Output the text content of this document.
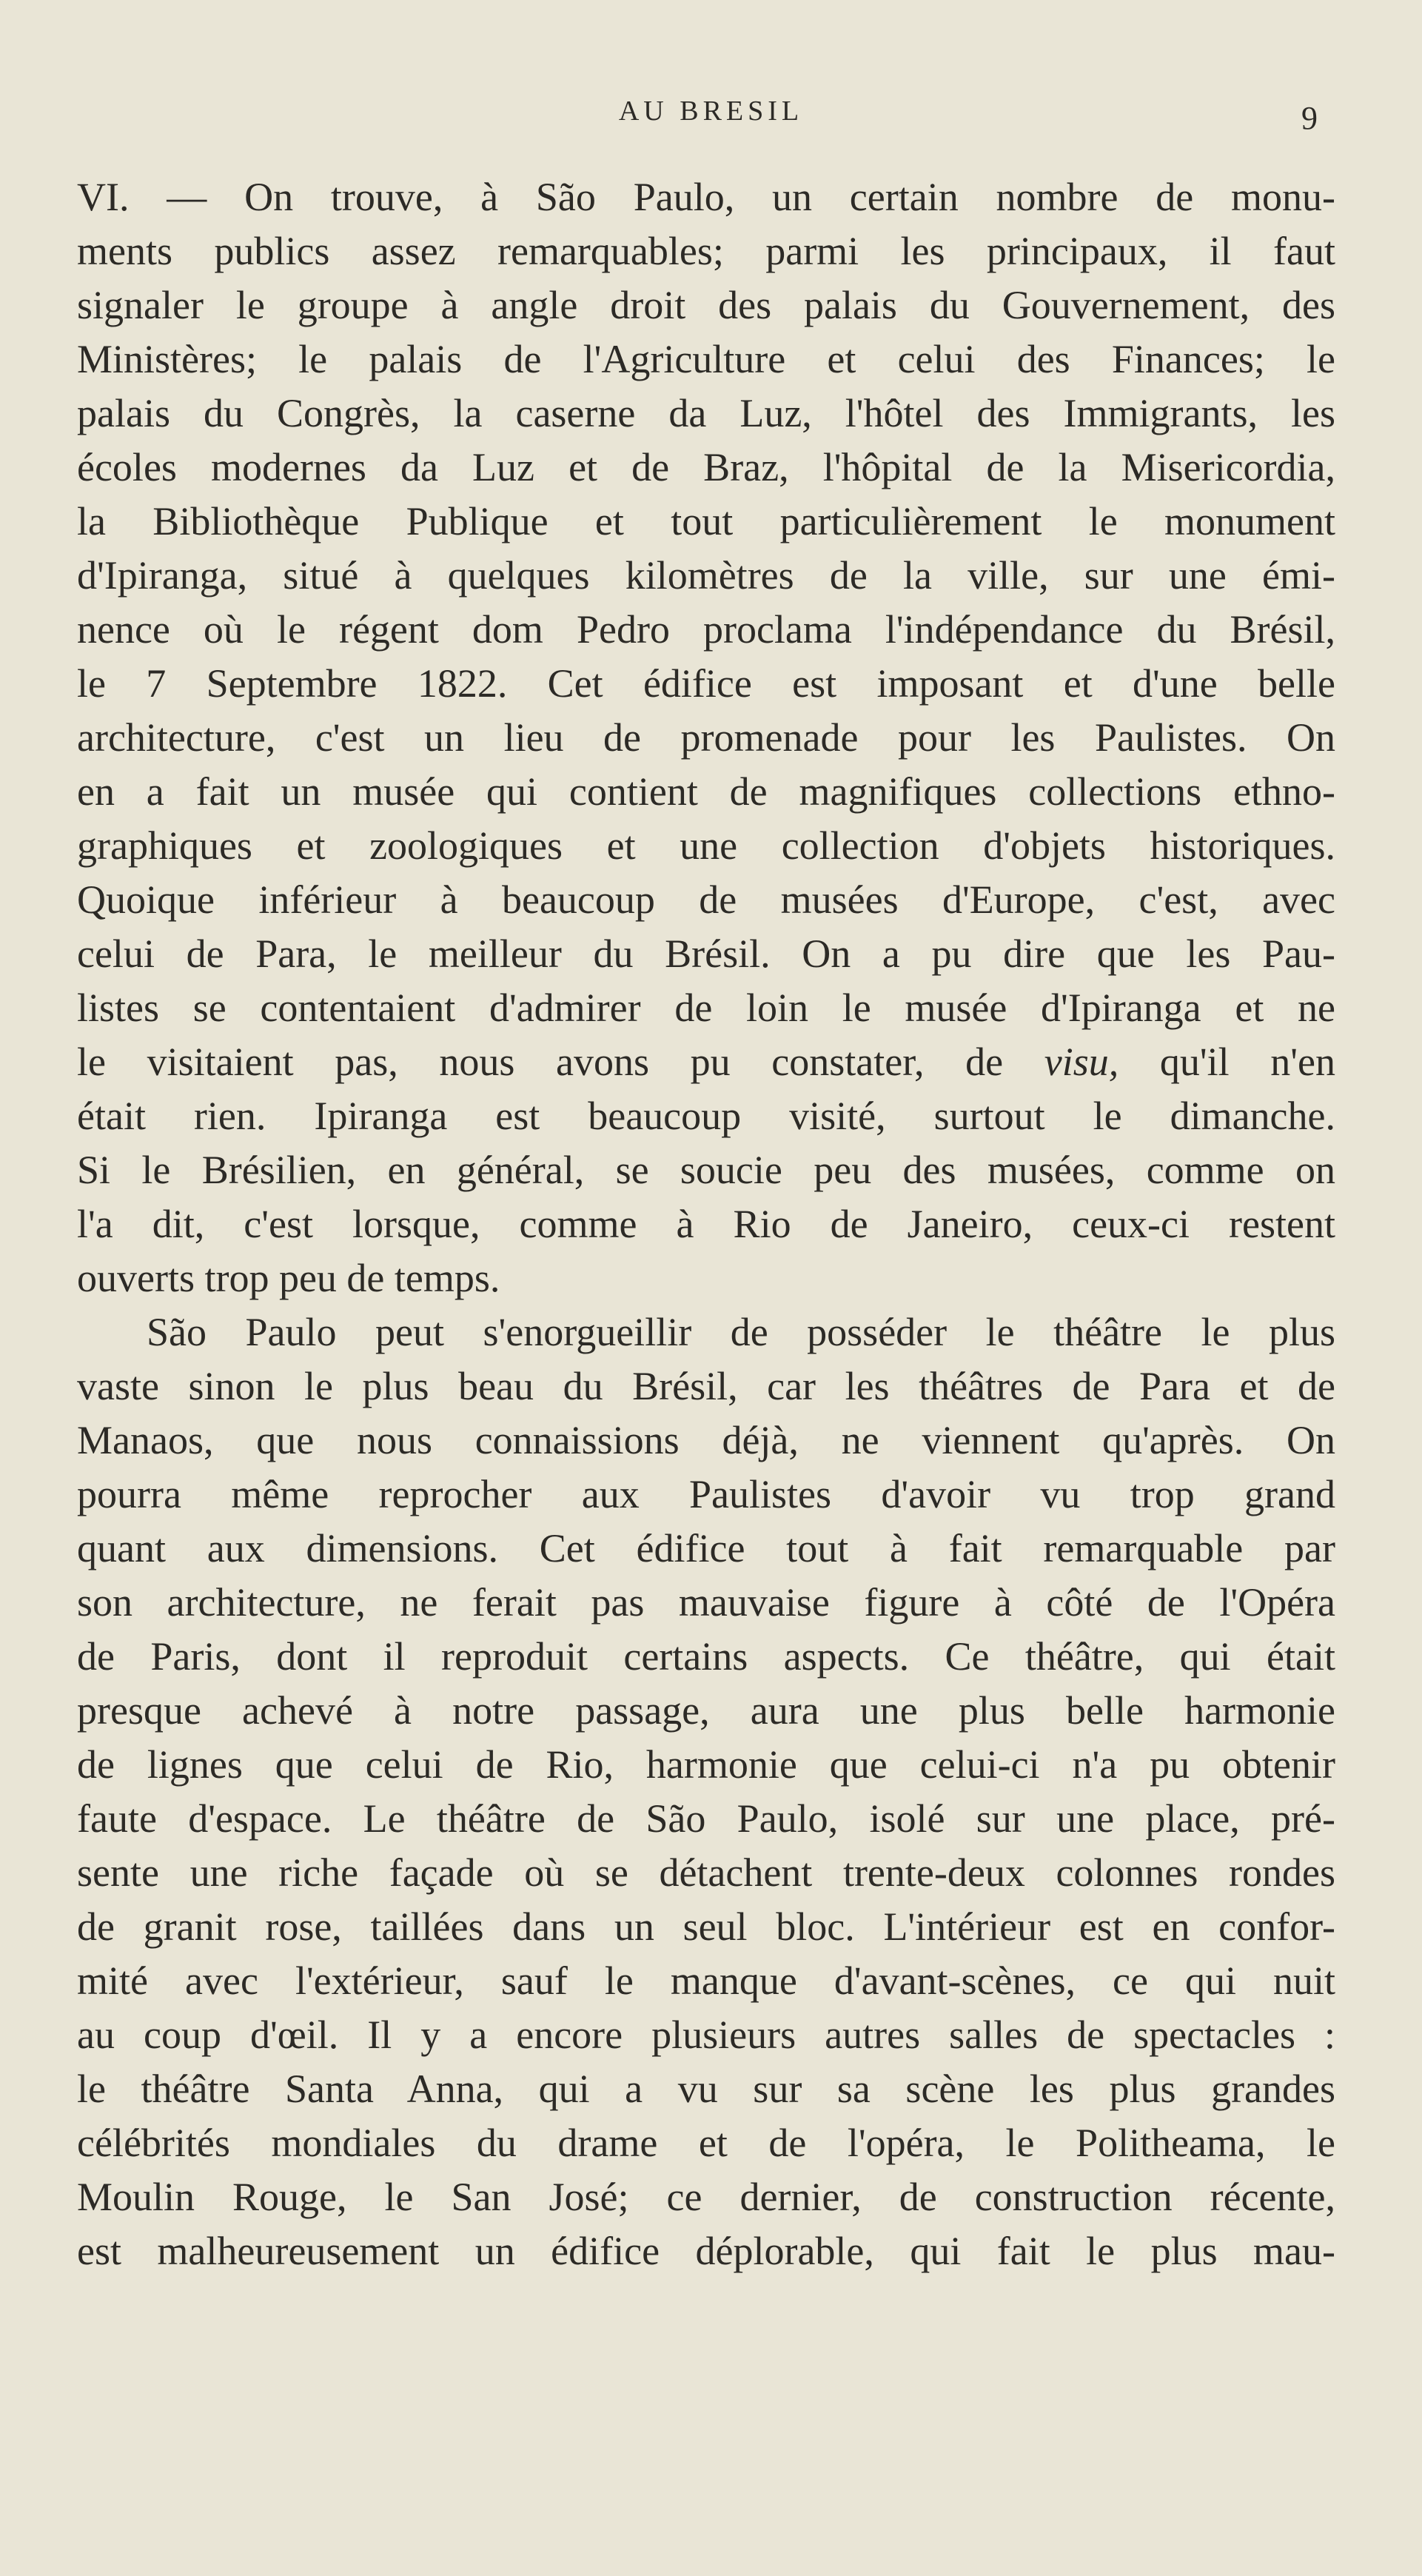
AU BRESIL	9
VI. — On trouve, à São Paulo, un certain nombre de monu-
ments publics assez remarquables; parmi les principaux, il faut
signaler le groupe à angle droit des palais du Gouvernement, des
Ministères; le palais de l'Agriculture et celui des Finances; le
palais du Congrès, la caserne da Luz, l'hôtel des Immigrants, les
écoles modernes da Luz et de Braz, l'hôpital de la Misericordia,
la Bibliothèque Publique et tout particulièrement le monument
d'Ipiranga, situé à quelques kilomètres de la ville, sur une émi-
nence où le régent dom Pedro proclama l'indépendance du Brésil,
le 7 Septembre 1822. Cet édifice est imposant et d'une belle
architecture, c'est un lieu de promenade pour les Paulistes. On
en a fait un musée qui contient de magnifiques collections ethno-
graphiques et zoologiques et une collection d'objets historiques.
Quoique inférieur à beaucoup de musées d'Europe, c'est, avec
celui de Para, le meilleur du Brésil. On a pu dire que les Pau-
listes se contentaient d'admirer de loin le musée d'Ipiranga et ne
le visitaient pas, nous avons pu constater, de visu, qu'il n'en
était rien. Ipiranga est beaucoup visité, surtout le dimanche.
Si le Brésilien, en général, se soucie peu des musées, comme on
l'a dit, c'est lorsque, comme à Rio de Janeiro, ceux-ci restent
ouverts trop peu de temps.
São Paulo peut s'enorgueillir de posséder le théâtre le plus
vaste sinon le plus beau du Brésil, car les théâtres de Para et de
Manaos, que nous connaissions déjà, ne viennent qu'après. On
pourra même reprocher aux Paulistes d'avoir vu trop grand
quant aux dimensions. Cet édifice tout à fait remarquable par
son architecture, ne ferait pas mauvaise figure à côté de l'Opéra
de Paris, dont il reproduit certains aspects. Ce théâtre, qui était
presque achevé à notre passage, aura une plus belle harmonie
de lignes que celui de Rio, harmonie que celui-ci n'a pu obtenir
faute d'espace. Le théâtre de São Paulo, isolé sur une place, pré-
sente une riche façade où se détachent trente-deux colonnes rondes
de granit rose, taillées dans un seul bloc. L'intérieur est en confor-
mité avec l'extérieur, sauf le manque d'avant-scènes, ce qui nuit
au coup d'œil. Il y a encore plusieurs autres salles de spectacles :
le théâtre Santa Anna, qui a vu sur sa scène les plus grandes
célébrités mondiales du drame et de l'opéra, le Politheama, le
Moulin Rouge, le San José; ce dernier, de construction récente,
est malheureusement un édifice déplorable, qui fait le plus mau-
